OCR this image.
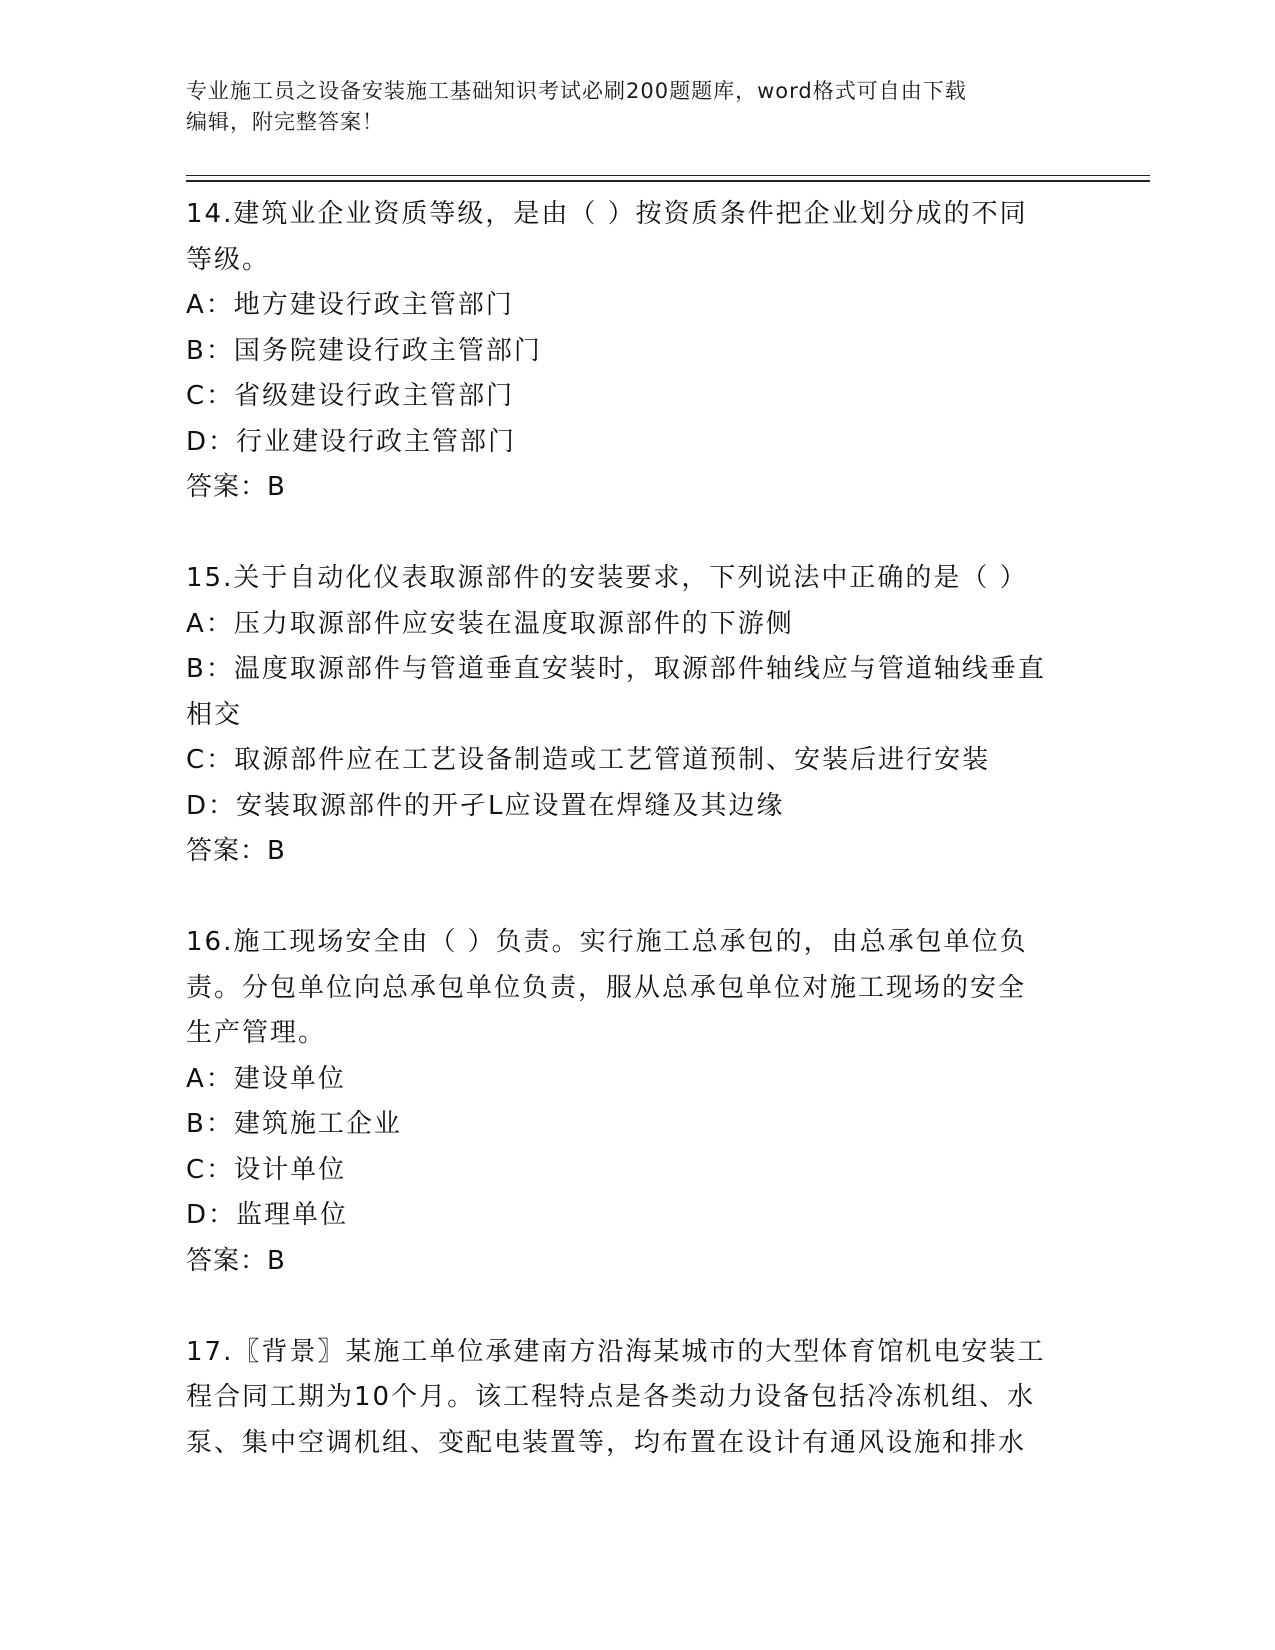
专业施工员之设备安装施工基础知识考试必刷200题题库，word格式可自由下载
编辑，附完整答案！

14.建筑业企业资质等级，是由（ ）按资质条件把企业划分成的不同

等级。

A：地方建设行政主管部门

B：国务院建设行政主管部门

C：省级建设行政主管部门

D：行业建设行政主管部门

答案：B

15.关于自动化仪表取源部件的安装要求，下列说法中正确的是（ ）

A：压力取源部件应安装在温度取源部件的下游侧

B：温度取源部件与管道垂直安装时，取源部件轴线应与管道轴线垂直

相交

C：取源部件应在工艺设备制造或工艺管道预制、安装后进行安装

D：安装取源部件的开孑L应设置在焊缝及其边缘

答案：B

16.施工现场安全由（ ）负责。实行施工总承包的，由总承包单位负

责。分包单位向总承包单位负责，服从总承包单位对施工现场的安全

生产管理。

A：建设单位

B：建筑施工企业

C：设计单位

D：监理单位

答案：B

17.〖背景〗某施工单位承建南方沿海某城市的大型体育馆机电安装工

程合同工期为10个月。该工程特点是各类动力设备包括冷冻机组、水

泵、集中空调机组、变配电装置等，均布置在设计有通风设施和排水
